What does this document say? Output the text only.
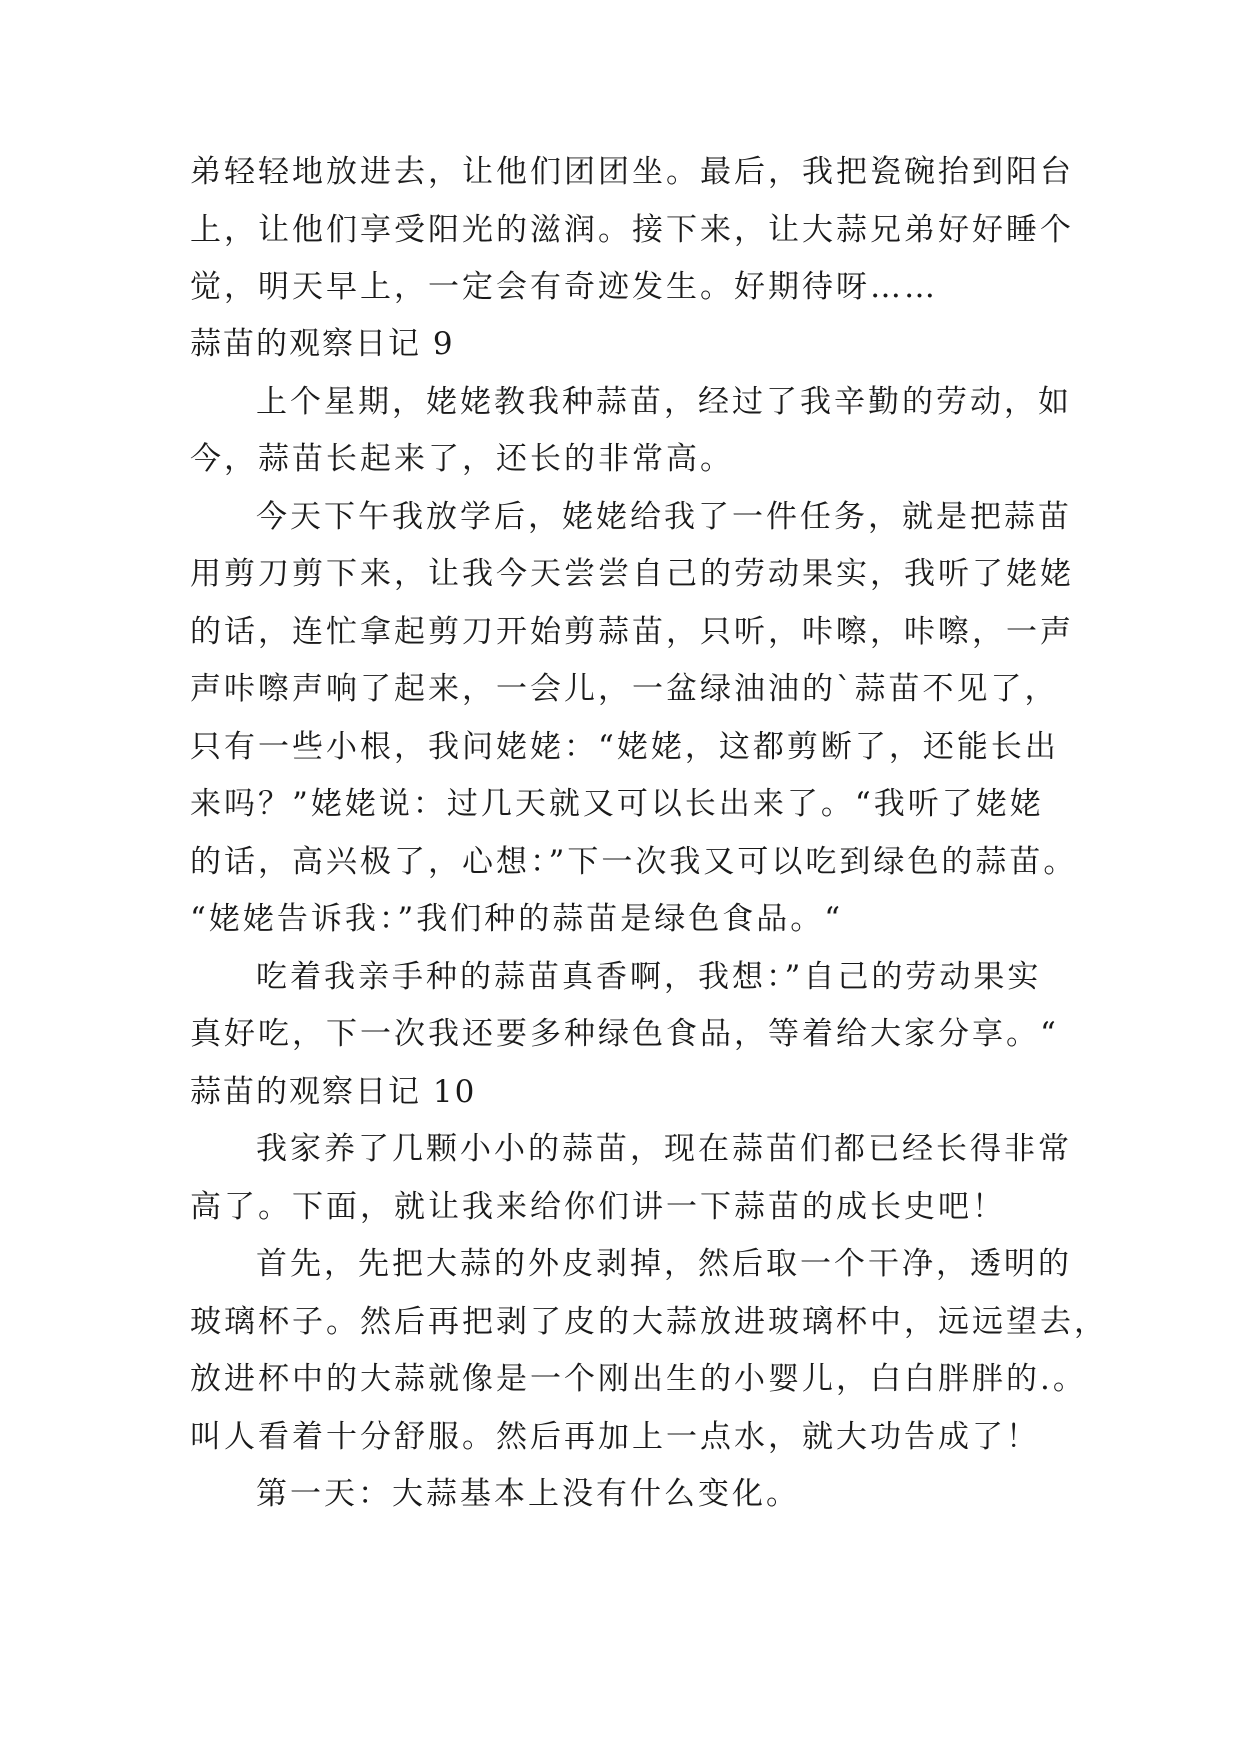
弟轻轻地放进去，让他们团团坐。最后，我把瓷碗抬到阳台
上，让他们享受阳光的滋润。接下来，让大蒜兄弟好好睡个
觉，明天早上，一定会有奇迹发生。好期待呀……
蒜苗的观察日记 9
上个星期，姥姥教我种蒜苗，经过了我辛勤的劳动，如
今，蒜苗长起来了，还长的非常高。
今天下午我放学后，姥姥给我了一件任务，就是把蒜苗
用剪刀剪下来，让我今天尝尝自己的劳动果实，我听了姥姥
的话，连忙拿起剪刀开始剪蒜苗，只听，咔嚓，咔嚓，一声
声咔嚓声响了起来，一会儿，一盆绿油油的`蒜苗不见了，
只有一些小根，我问姥姥：“姥姥，这都剪断了，还能长出
来吗？”姥姥说：过几天就又可以长出来了。“我听了姥姥
的话，高兴极了，心想：”下一次我又可以吃到绿色的蒜苗。
“姥姥告诉我：”我们种的蒜苗是绿色食品。“
吃着我亲手种的蒜苗真香啊，我想：”自己的劳动果实
真好吃，下一次我还要多种绿色食品，等着给大家分享。“
蒜苗的观察日记 10
我家养了几颗小小的蒜苗，现在蒜苗们都已经长得非常
高了。下面，就让我来给你们讲一下蒜苗的成长史吧！
首先，先把大蒜的外皮剥掉，然后取一个干净，透明的
玻璃杯子。然后再把剥了皮的大蒜放进玻璃杯中，远远望去，
放进杯中的大蒜就像是一个刚出生的小婴儿，白白胖胖的.。
叫人看着十分舒服。然后再加上一点水，就大功告成了！
第一天：大蒜基本上没有什么变化。
